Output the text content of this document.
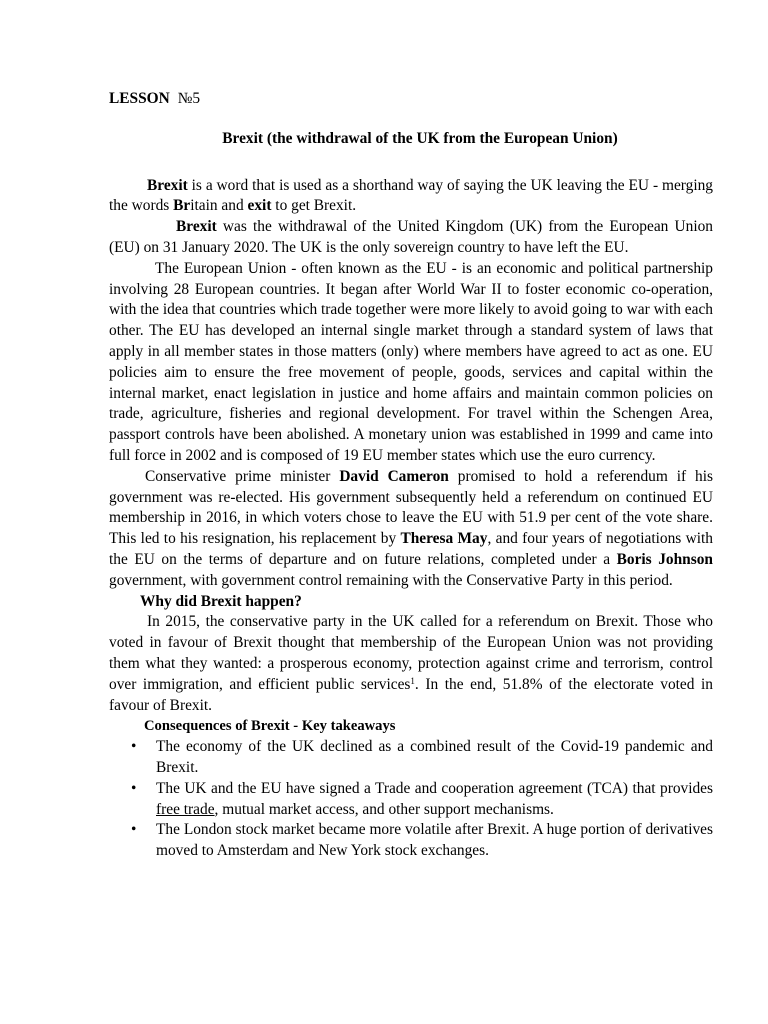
LESSON №5

Brexit (the withdrawal of the UK from the European Union)

Brexit is a word that is used as a shorthand way of saying the UK leaving the EU - merging the words Britain and exit to get Brexit.

Brexit was the withdrawal of the United Kingdom (UK) from the European Union (EU) on 31 January 2020. The UK is the only sovereign country to have left the EU.

The European Union - often known as the EU - is an economic and political partnership involving 28 European countries. It began after World War II to foster economic co-operation, with the idea that countries which trade together were more likely to avoid going to war with each other. The EU has developed an internal single market through a standard system of laws that apply in all member states in those matters (only) where members have agreed to act as one. EU policies aim to ensure the free movement of people, goods, services and capital within the internal market, enact legislation in justice and home affairs and maintain common policies on trade, agriculture, fisheries and regional development. For travel within the Schengen Area, passport controls have been abolished. A monetary union was established in 1999 and came into full force in 2002 and is composed of 19 EU member states which use the euro currency.

Conservative prime minister David Cameron promised to hold a referendum if his government was re-elected. His government subsequently held a referendum on continued EU membership in 2016, in which voters chose to leave the EU with 51.9 per cent of the vote share. This led to his resignation, his replacement by Theresa May, and four years of negotiations with the EU on the terms of departure and on future relations, completed under a Boris Johnson government, with government control remaining with the Conservative Party in this period.

Why did Brexit happen?

In 2015, the conservative party in the UK called for a referendum on Brexit. Those who voted in favour of Brexit thought that membership of the European Union was not providing them what they wanted: a prosperous economy, protection against crime and terrorism, control over immigration, and efficient public services$^1$. In the end, 51.8% of the electorate voted in favour of Brexit.

Consequences of Brexit - Key takeaways

• The economy of the UK declined as a combined result of the Covid-19 pandemic and Brexit.
• The UK and the EU have signed a Trade and cooperation agreement (TCA) that provides free trade, mutual market access, and other support mechanisms.
• The London stock market became more volatile after Brexit. A huge portion of derivatives moved to Amsterdam and New York stock exchanges.
